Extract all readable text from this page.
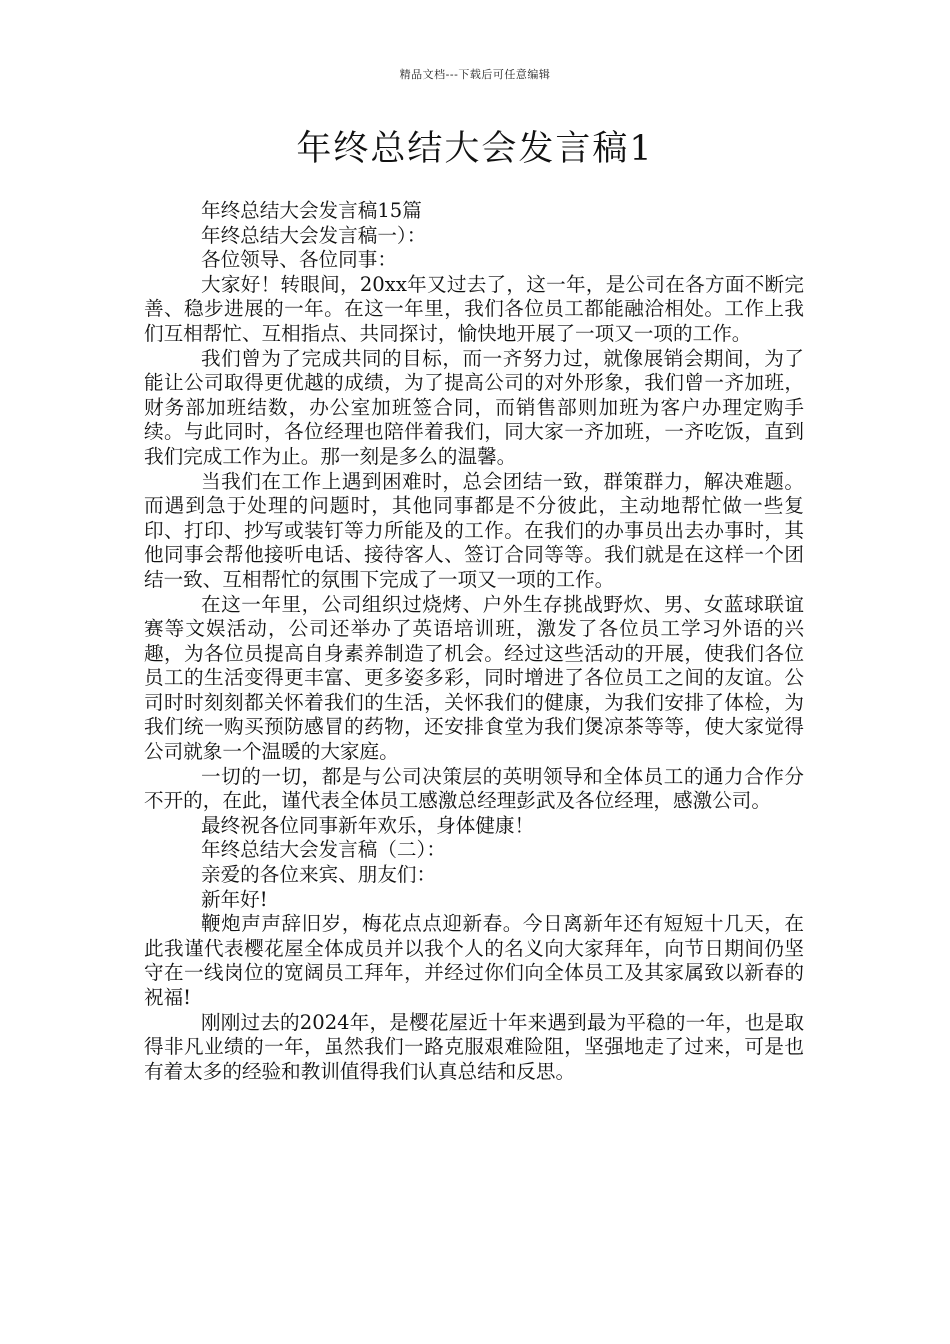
精品文档---下载后可任意编辑
年终总结大会发言稿1

年终总结大会发言稿15篇

年终总结大会发言稿一）：

各位领导、各位同事：

大家好！转眼间，20xx年又过去了，这一年，是公司在各方面不断完善、稳步进展的一年。在这一年里，我们各位员工都能融洽相处。工作上我们互相帮忙、互相指点、共同探讨，愉快地开展了一项又一项的工作。

我们曾为了完成共同的目标，而一齐努力过，就像展销会期间，为了能让公司取得更优越的成绩，为了提高公司的对外形象，我们曾一齐加班，财务部加班结数，办公室加班签合同，而销售部则加班为客户办理定购手续。与此同时，各位经理也陪伴着我们，同大家一齐加班，一齐吃饭，直到我们完成工作为止。那一刻是多么的温馨。

当我们在工作上遇到困难时，总会团结一致，群策群力，解决难题。而遇到急于处理的问题时，其他同事都是不分彼此，主动地帮忙做一些复印、打印、抄写或装钉等力所能及的工作。在我们的办事员出去办事时，其他同事会帮他接听电话、接待客人、签订合同等等。我们就是在这样一个团结一致、互相帮忙的氛围下完成了一项又一项的工作。

在这一年里，公司组织过烧烤、户外生存挑战野炊、男、女蓝球联谊赛等文娱活动，公司还举办了英语培训班，激发了各位员工学习外语的兴趣，为各位员提高自身素养制造了机会。经过这些活动的开展，使我们各位员工的生活变得更丰富、更多姿多彩，同时增进了各位员工之间的友谊。公司时时刻刻都关怀着我们的生活，关怀我们的健康，为我们安排了体检，为我们统一购买预防感冒的药物，还安排食堂为我们煲凉茶等等，使大家觉得公司就象一个温暖的大家庭。

一切的一切，都是与公司决策层的英明领导和全体员工的通力合作分不开的，在此，谨代表全体员工感激总经理彭武及各位经理，感激公司。

最终祝各位同事新年欢乐，身体健康！

年终总结大会发言稿（二）：

亲爱的各位来宾、朋友们：

新年好!

鞭炮声声辞旧岁，梅花点点迎新春。今日离新年还有短短十几天，在此我谨代表樱花屋全体成员并以我个人的名义向大家拜年，向节日期间仍坚守在一线岗位的宽阔员工拜年，并经过你们向全体员工及其家属致以新春的祝福!

刚刚过去的2024年，是樱花屋近十年来遇到最为平稳的一年，也是取得非凡业绩的一年，虽然我们一路克服艰难险阻，坚强地走了过来，可是也有着太多的经验和教训值得我们认真总结和反思。
